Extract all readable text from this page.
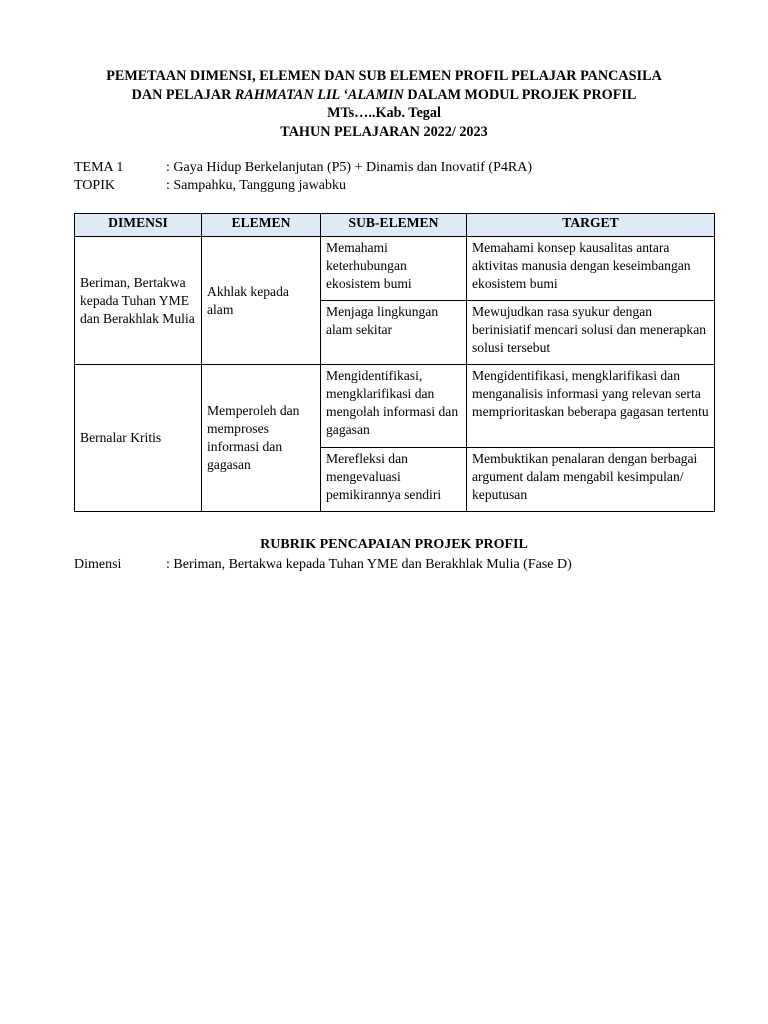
PEMETAAN DIMENSI, ELEMEN DAN SUB ELEMEN PROFIL PELAJAR PANCASILA
DAN PELAJAR RAHMATAN LIL ‘ALAMIN DALAM MODUL PROJEK PROFIL
MTs…..Kab. Tegal
TAHUN PELAJARAN 2022/ 2023
TEMA 1	: Gaya Hidup Berkelanjutan (P5) + Dinamis dan Inovatif (P4RA)
TOPIK	: Sampahku, Tanggung jawabku
DIMENSI	ELEMEN	SUB-ELEMEN	TARGET
Beriman, Bertakwa kepada Tuhan YME dan Berakhlak Mulia	Akhlak kepada alam	Memahami keterhubungan ekosistem bumi	Memahami konsep kausalitas antara aktivitas manusia dengan keseimbangan ekosistem bumi
		Menjaga lingkungan alam sekitar	Mewujudkan rasa syukur dengan berinisiatif mencari solusi dan menerapkan solusi tersebut
Bernalar Kritis	Memperoleh dan memproses informasi dan gagasan	Mengidentifikasi, mengklarifikasi dan mengolah informasi dan gagasan	Mengidentifikasi, mengklarifikasi dan menganalisis informasi yang relevan serta memprioritaskan beberapa gagasan tertentu
		Merefleksi dan mengevaluasi pemikirannya sendiri	Membuktikan penalaran dengan berbagai argument dalam mengabil kesimpulan/ keputusan
RUBRIK PENCAPAIAN PROJEK PROFIL
Dimensi	: Beriman, Bertakwa kepada Tuhan YME dan Berakhlak Mulia (Fase D)
